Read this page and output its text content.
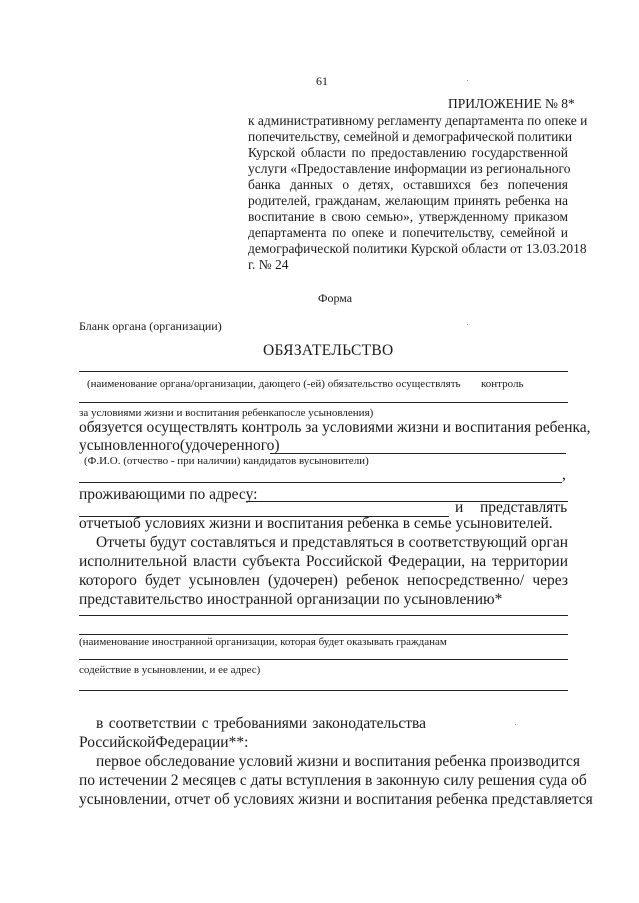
61
ПРИЛОЖЕНИЕ № 8*
к административному регламенту департамента по опеке и
попечительству, семейной и демографической политики
Курской области по предоставлению государственной
услуги «Предоставление информации из регионального
банка данных о детях, оставшихся без попечения
родителей, гражданам, желающим принять ребенка на
воспитание в свою семью», утвержденному приказом
департамента по опеке и попечительству, семейной и
демографической политики Курской области от 13.03.2018
г. № 24
Форма
Бланк органа (организации)
ОБЯЗАТЕЛЬСТВО
(наименование органа/организации, дающего (-ей) обязательство осуществлять контроль
за условиями жизни и воспитания ребенкапосле усыновления)
обязуется осуществлять контроль за условиями жизни и воспитания ребенка,
усыновленного(удочеренного)
(Ф.И.О. (отчество - при наличии) кандидатов вусыновители)
,
проживающими по адресу:
и представлять
отчетыоб условиях жизни и воспитания ребенка в семье усыновителей.
Отчеты будут составляться и представляться в соответствующий орган
исполнительной власти субъекта Российской Федерации, на территории
которого будет усыновлен (удочерен) ребенок непосредственно/ через
представительство иностранной организации по усыновлению*
(наименование иностранной организации, которая будет оказывать гражданам
содействие в усыновлении, и ее адрес)
в соответствии с требованиями законодательства
РоссийскойФедерации**:
первое обследование условий жизни и воспитания ребенка производится
по истечении 2 месяцев с даты вступления в законную силу решения суда об
усыновлении, отчет об условиях жизни и воспитания ребенка представляется
